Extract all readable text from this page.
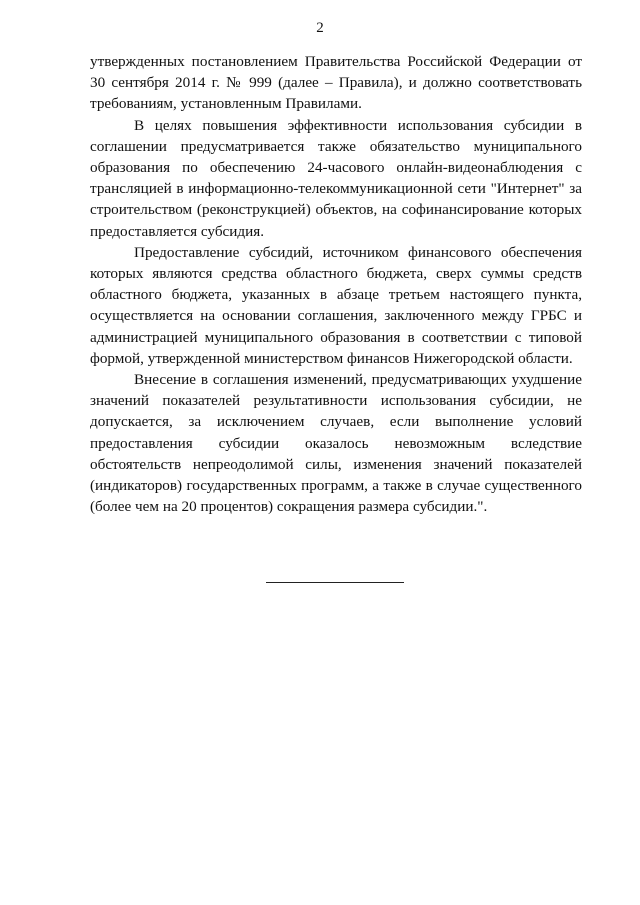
2

утвержденных постановлением Правительства Российской Федерации от 30 сентября 2014 г. № 999 (далее – Правила), и должно соответствовать требованиям, установленным Правилами.

В целях повышения эффективности использования субсидии в соглашении предусматривается также обязательство муниципального образования по обеспечению 24-часового онлайн-видеонаблюдения с трансляцией в информационно-телекоммуникационной сети "Интернет" за строительством (реконструкцией) объектов, на софинансирование которых предоставляется субсидия.

Предоставление субсидий, источником финансового обеспечения которых являются средства областного бюджета, сверх суммы средств областного бюджета, указанных в абзаце третьем настоящего пункта, осуществляется на основании соглашения, заключенного между ГРБС и администрацией муниципального образования в соответствии с типовой формой, утвержденной министерством финансов Нижегородской области.

Внесение в соглашения изменений, предусматривающих ухудшение значений показателей результативности использования субсидии, не допускается, за исключением случаев, если выполнение условий предоставления субсидии оказалось невозможным вследствие обстоятельств непреодолимой силы, изменения значений показателей (индикаторов) государственных программ, а также в случае существенного (более чем на 20 процентов) сокращения размера субсидии.".
